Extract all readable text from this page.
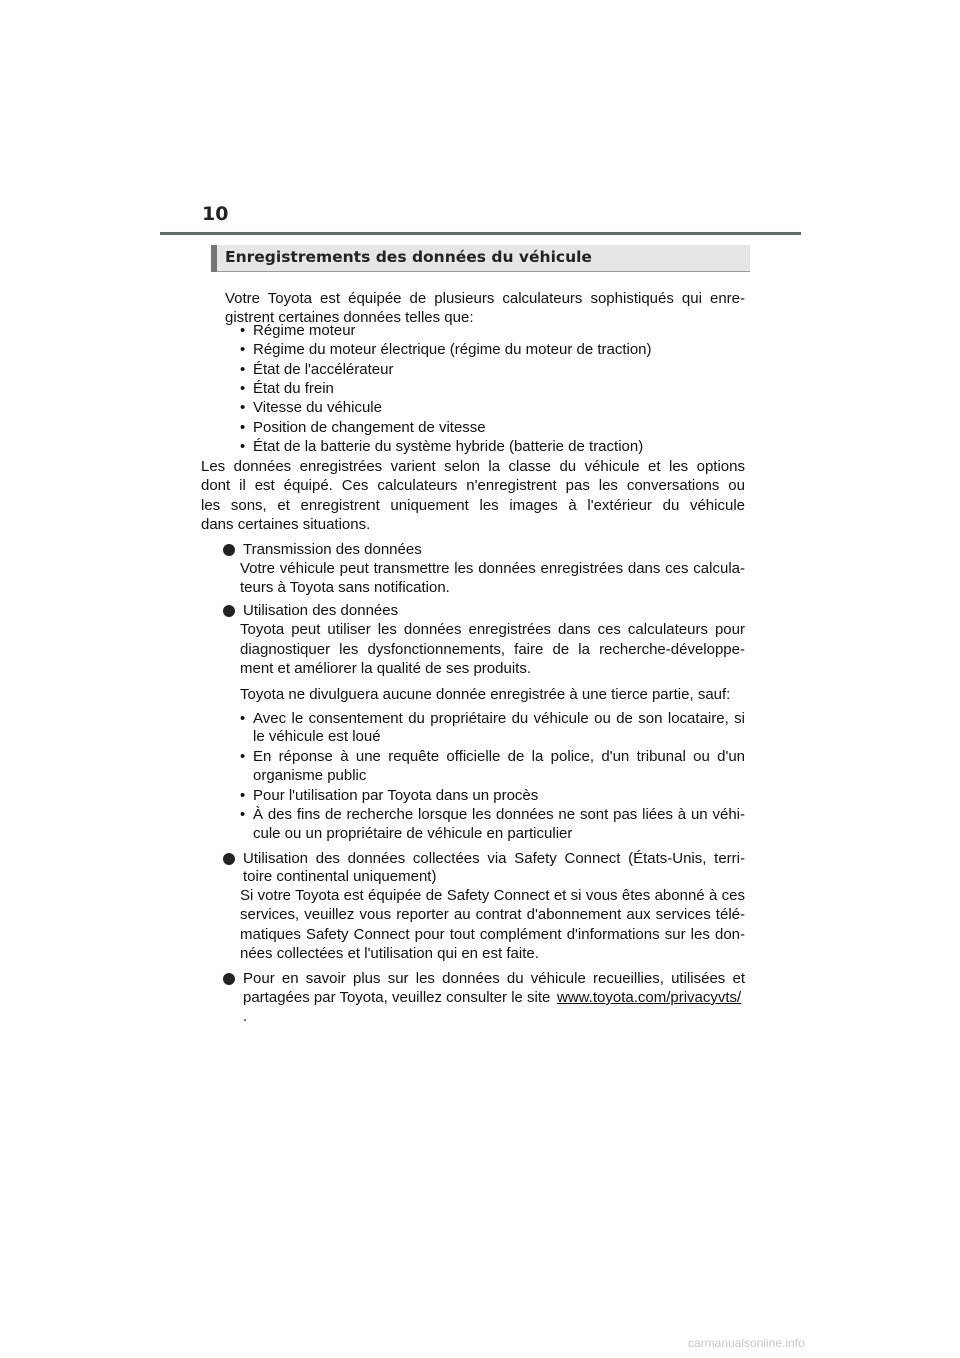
10
Enregistrements des données du véhicule
Votre Toyota est équipée de plusieurs calculateurs sophistiqués qui enre-
gistrent certaines données telles que:
• Régime moteur
• Régime du moteur électrique (régime du moteur de traction)
• État de l'accélérateur
• État du frein
• Vitesse du véhicule
• Position de changement de vitesse
• État de la batterie du système hybride (batterie de traction)
Les données enregistrées varient selon la classe du véhicule et les options
dont il est équipé. Ces calculateurs n'enregistrent pas les conversations ou
les sons, et enregistrent uniquement les images à l'extérieur du véhicule
dans certaines situations.
Transmission des données
Votre véhicule peut transmettre les données enregistrées dans ces calcula-
teurs à Toyota sans notification.
Utilisation des données
Toyota peut utiliser les données enregistrées dans ces calculateurs pour
diagnostiquer les dysfonctionnements, faire de la recherche-développe-
ment et améliorer la qualité de ses produits.
Toyota ne divulguera aucune donnée enregistrée à une tierce partie, sauf:
• Avec le consentement du propriétaire du véhicule ou de son locataire, si
le véhicule est loué
• En réponse à une requête officielle de la police, d'un tribunal ou d'un
organisme public
• Pour l'utilisation par Toyota dans un procès
• À des fins de recherche lorsque les données ne sont pas liées à un véhi-
cule ou un propriétaire de véhicule en particulier
Utilisation des données collectées via Safety Connect (États-Unis, terri-
toire continental uniquement)
Si votre Toyota est équipée de Safety Connect et si vous êtes abonné à ces
services, veuillez vous reporter au contrat d'abonnement aux services télé-
matiques Safety Connect pour tout complément d'informations sur les don-
nées collectées et l'utilisation qui en est faite.
Pour en savoir plus sur les données du véhicule recueillies, utilisées et
partagées par Toyota, veuillez consulter le site www.toyota.com/privacyvts/
.
carmanualsonline.info
